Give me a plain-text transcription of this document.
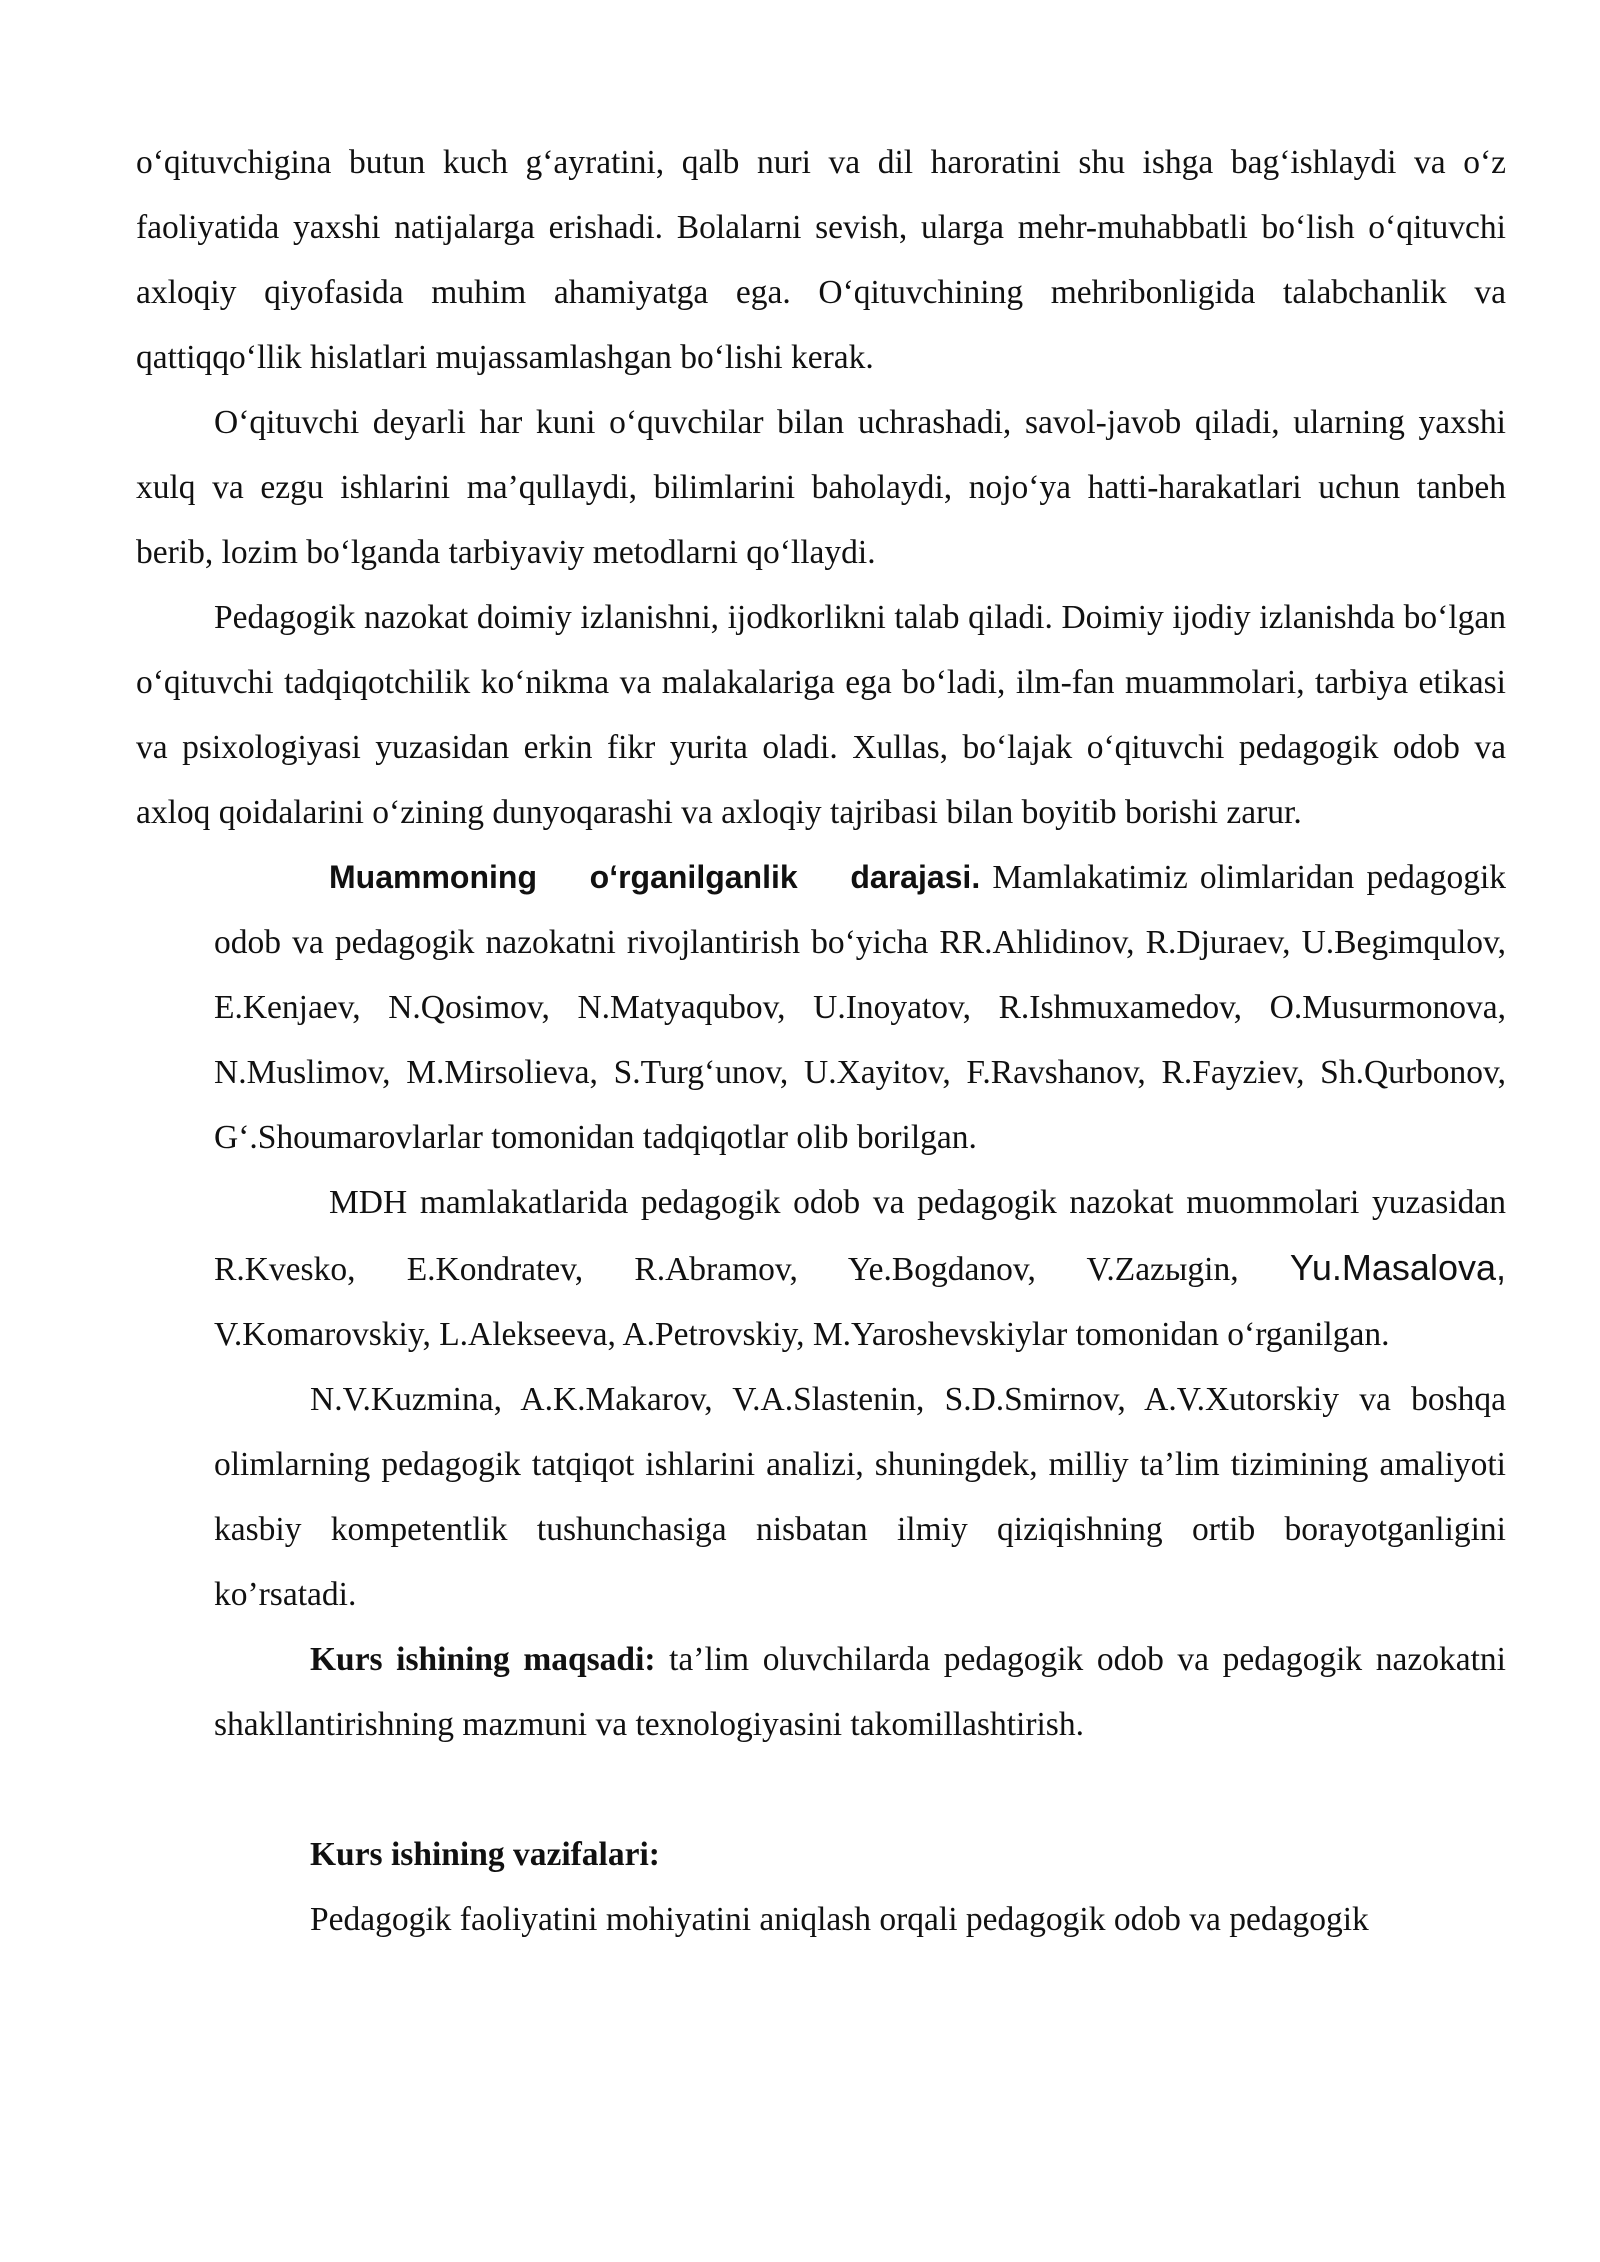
o‘qituvchigina butun kuch g‘ayratini, qalb nuri va dil haroratini shu ishga bag‘ishlaydi va o‘z faoliyatida yaxshi natijalarga erishadi. Bolalarni sevish, ularga mehr-muhabbatli bo‘lish o‘qituvchi axloqiy qiyofasida muhim ahamiyatga ega. O‘qituvchining mehribonligida talabchanlik va qattiqqo‘llik hislatlari mujassamlashgan bo‘lishi kerak.

O‘qituvchi deyarli har kuni o‘quvchilar bilan uchrashadi, savol-javob qiladi, ularning yaxshi xulq va ezgu ishlarini ma’qullaydi, bilimlarini baholaydi, nojo‘ya hatti-harakatlari uchun tanbeh berib, lozim bo‘lganda tarbiyaviy metodlarni qo‘llaydi.

Pedagogik nazokat doimiy izlanishni, ijodkorlikni talab qiladi. Doimiy ijodiy izlanishda bo‘lgan o‘qituvchi tadqiqotchilik ko‘nikma va malakalariga ega bo‘ladi, ilm-fan muammolari, tarbiya etikasi va psixologiyasi yuzasidan erkin fikr yurita oladi. Xullas, bo‘lajak o‘qituvchi pedagogik odob va axloq qoidalarini o‘zining dunyoqarashi va axloqiy tajribasi bilan boyitib borishi zarur.

Muammoning o‘rganilganlik darajasi. Mamlakatimiz olimlaridan pedagogik odob va pedagogik nazokatni rivojlantirish bo‘yicha RR.Ahlidinov, R.Djuraev, U.Begimqulov, E.Kenjaev, N.Qosimov, N.Matyaqubov, U.Inoyatov, R.Ishmuxamedov, O.Musurmonova, N.Muslimov, M.Mirsolieva, S.Turg‘unov, U.Xayitov, F.Ravshanov, R.Fayziev, Sh.Qurbonov, G‘.Shoumarovlarlar tomonidan tadqiqotlar olib borilgan.

MDH mamlakatlarida pedagogik odob va pedagogik nazokat muommolari yuzasidan R.Kvesko, E.Kondratev, R.Abramov, Ye.Bogdanov, V.Zazыgin, Yu.Masalova, V.Komarovskiy, L.Alekseeva, A.Petrovskiy, M.Yaroshevskiylar tomonidan o‘rganilgan.

N.V.Kuzmina, A.K.Makarov, V.A.Slastenin, S.D.Smirnov, A.V.Xutorskiy va boshqa olimlarning pedagogik tatqiqot ishlarini analizi, shuningdek, milliy ta’lim tizimining amaliyoti kasbiy kompetentlik tushunchasiga nisbatan ilmiy qiziqishning ortib borayotganligini ko’rsatadi.

Kurs ishining maqsadi: ta’lim oluvchilarda pedagogik odob va pedagogik nazokatni shakllantirishning mazmuni va texnologiyasini takomillashtirish.

Kurs ishining vazifalari:

Pedagogik faoliyatini mohiyatini aniqlash orqali pedagogik odob va pedagogik
